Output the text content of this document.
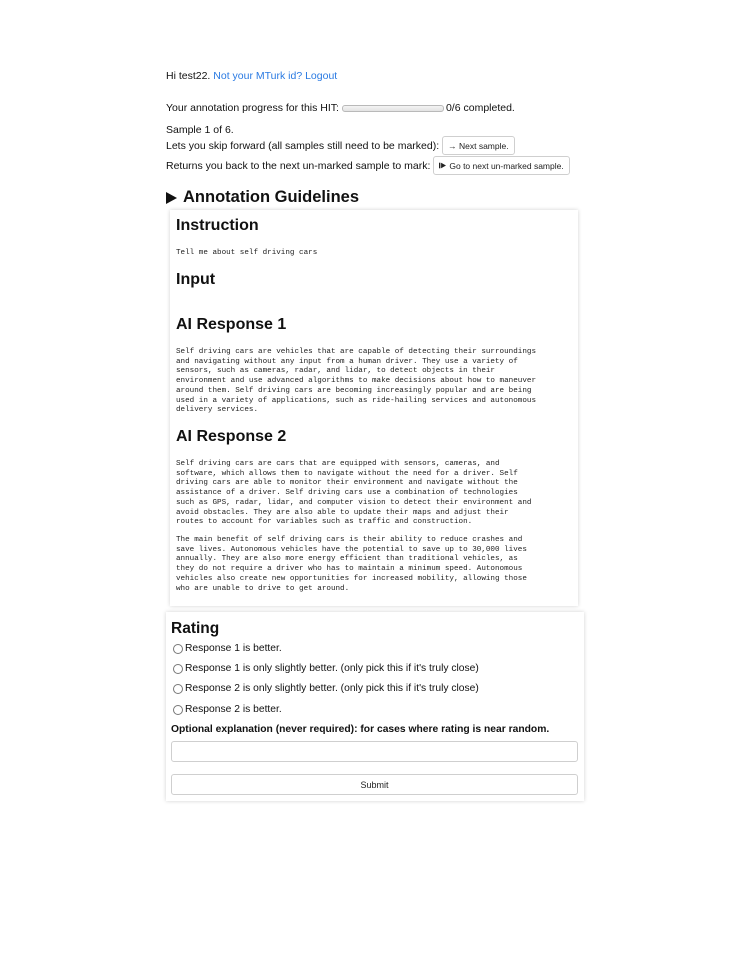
Hi test22. Not your MTurk id? Logout
Your annotation progress for this HIT:	0/6 completed.
Sample 1 of 6.
Lets you skip forward (all samples still need to be marked):	→ Next sample.
Returns you back to the next un-marked sample to mark: Go to next un-marked sample.
Annotation Guidelines
Instruction
Tell me about self driving cars
Input
AI Response 1
Self driving cars are vehicles that are capable of detecting their surroundings
and navigating without any input from a human driver. They use a variety of
sensors, such as cameras, radar, and lidar, to detect objects in their
environment and use advanced algorithms to make decisions about how to maneuver
around them. Self driving cars are becoming increasingly popular and are being
used in a variety of applications, such as ride-hailing services and autonomous
delivery services.
AI Response 2
Self driving cars are cars that are equipped with sensors, cameras, and
software, which allows them to navigate without the need for a driver. Self
driving cars are able to monitor their environment and navigate without the
assistance of a driver. Self driving cars use a combination of technologies
such as GPS, radar, lidar, and computer vision to detect their environment and
avoid obstacles. They are also able to update their maps and adjust their
routes to account for variables such as traffic and construction.
The main benefit of self driving cars is their ability to reduce crashes and
save lives. Autonomous vehicles have the potential to save up to 30,000 lives
annually. They are also more energy efficient than traditional vehicles, as
they do not require a driver who has to maintain a minimum speed. Autonomous
vehicles also create new opportunities for increased mobility, allowing those
who are unable to drive to get around.
Rating
Response 1 is better.
Response 1 is only slightly better. (only pick this if it's truly close)
Response 2 is only slightly better. (only pick this if it's truly close)
Response 2 is better.
Optional explanation (never required): for cases where rating is near random.
Submit
